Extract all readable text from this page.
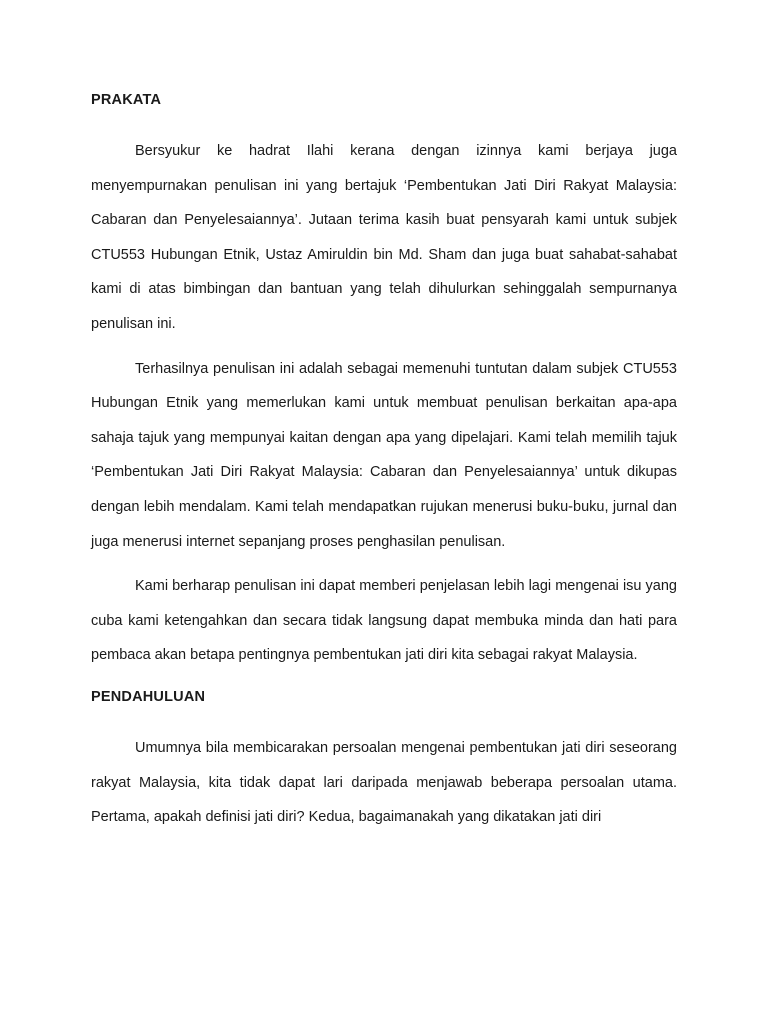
PRAKATA

Bersyukur ke hadrat Ilahi kerana dengan izinnya kami berjaya juga menyempurnakan penulisan ini yang bertajuk ‘Pembentukan Jati Diri Rakyat Malaysia: Cabaran dan Penyelesaiannya’. Jutaan terima kasih buat pensyarah kami untuk subjek CTU553 Hubungan Etnik, Ustaz Amiruldin bin Md. Sham dan juga buat sahabat-sahabat kami di atas bimbingan dan bantuan yang telah dihulurkan sehinggalah sempurnanya penulisan ini.

Terhasilnya penulisan ini adalah sebagai memenuhi tuntutan dalam subjek CTU553 Hubungan Etnik yang memerlukan kami untuk membuat penulisan berkaitan apa-apa sahaja tajuk yang mempunyai kaitan dengan apa yang dipelajari. Kami telah memilih tajuk ‘Pembentukan Jati Diri Rakyat Malaysia: Cabaran dan Penyelesaiannya’ untuk dikupas dengan lebih mendalam. Kami telah mendapatkan rujukan menerusi buku-buku, jurnal dan juga menerusi internet sepanjang proses penghasilan penulisan.

Kami berharap penulisan ini dapat memberi penjelasan lebih lagi mengenai isu yang cuba kami ketengahkan dan secara tidak langsung dapat membuka minda dan hati para pembaca akan betapa pentingnya pembentukan jati diri kita sebagai rakyat Malaysia.

PENDAHULUAN

Umumnya bila membicarakan persoalan mengenai pembentukan jati diri seseorang rakyat Malaysia, kita tidak dapat lari daripada menjawab beberapa persoalan utama. Pertama, apakah definisi jati diri? Kedua, bagaimanakah yang dikatakan jati diri
